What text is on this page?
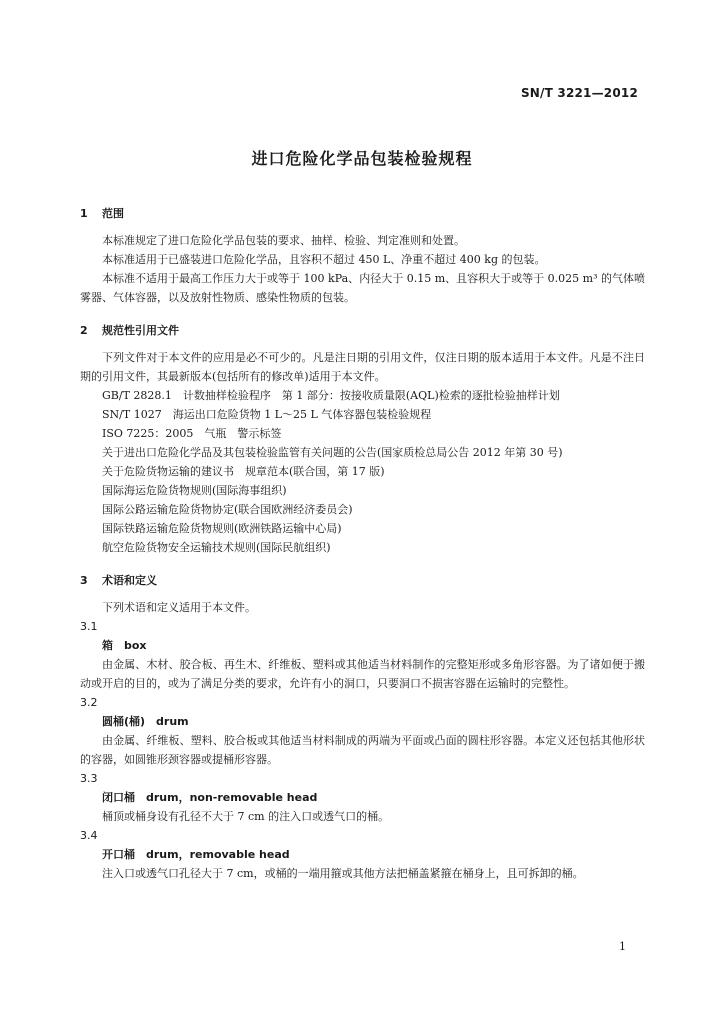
SN/T 3221—2012
进口危险化学品包装检验规程

1 范围

本标准规定了进口危险化学品包装的要求、抽样、检验、判定准则和处置。

本标准适用于已盛装进口危险化学品，且容积不超过 450 L、净重不超过 400 kg 的包装。

本标准不适用于最高工作压力大于或等于 100 kPa、内径大于 0.15 m、且容积大于或等于 0.025 m³ 的气体喷雾器、气体容器，以及放射性物质、感染性物质的包装。

2 规范性引用文件

下列文件对于本文件的应用是必不可少的。凡是注日期的引用文件，仅注日期的版本适用于本文件。凡是不注日期的引用文件，其最新版本(包括所有的修改单)适用于本文件。

GB/T 2828.1　计数抽样检验程序　第 1 部分：按接收质量限(AQL)检索的逐批检验抽样计划

SN/T 1027　海运出口危险货物 1 L～25 L 气体容器包装检验规程

ISO 7225：2005　气瓶　警示标签

关于进出口危险化学品及其包装检验监管有关问题的公告(国家质检总局公告 2012 年第 30 号)

关于危险货物运输的建议书　规章范本(联合国，第 17 版)

国际海运危险货物规则(国际海事组织)

国际公路运输危险货物协定(联合国欧洲经济委员会)

国际铁路运输危险货物规则(欧洲铁路运输中心局)

航空危险货物安全运输技术规则(国际民航组织)

3 术语和定义

下列术语和定义适用于本文件。

3.1

箱　box

由金属、木材、胶合板、再生木、纤维板、塑料或其他适当材料制作的完整矩形或多角形容器。为了诸如便于搬动或开启的目的，或为了满足分类的要求，允许有小的洞口，只要洞口不损害容器在运输时的完整性。

3.2

圆桶(桶)　drum

由金属、纤维板、塑料、胶合板或其他适当材料制成的两端为平面或凸面的圆柱形容器。本定义还包括其他形状的容器，如圆锥形颈容器或提桶形容器。

3.3

闭口桶　drum，non-removable head

桶顶或桶身设有孔径不大于 7 cm 的注入口或透气口的桶。

3.4

开口桶　drum，removable head

注入口或透气口孔径大于 7 cm，或桶的一端用箍或其他方法把桶盖紧箍在桶身上，且可拆卸的桶。

1
